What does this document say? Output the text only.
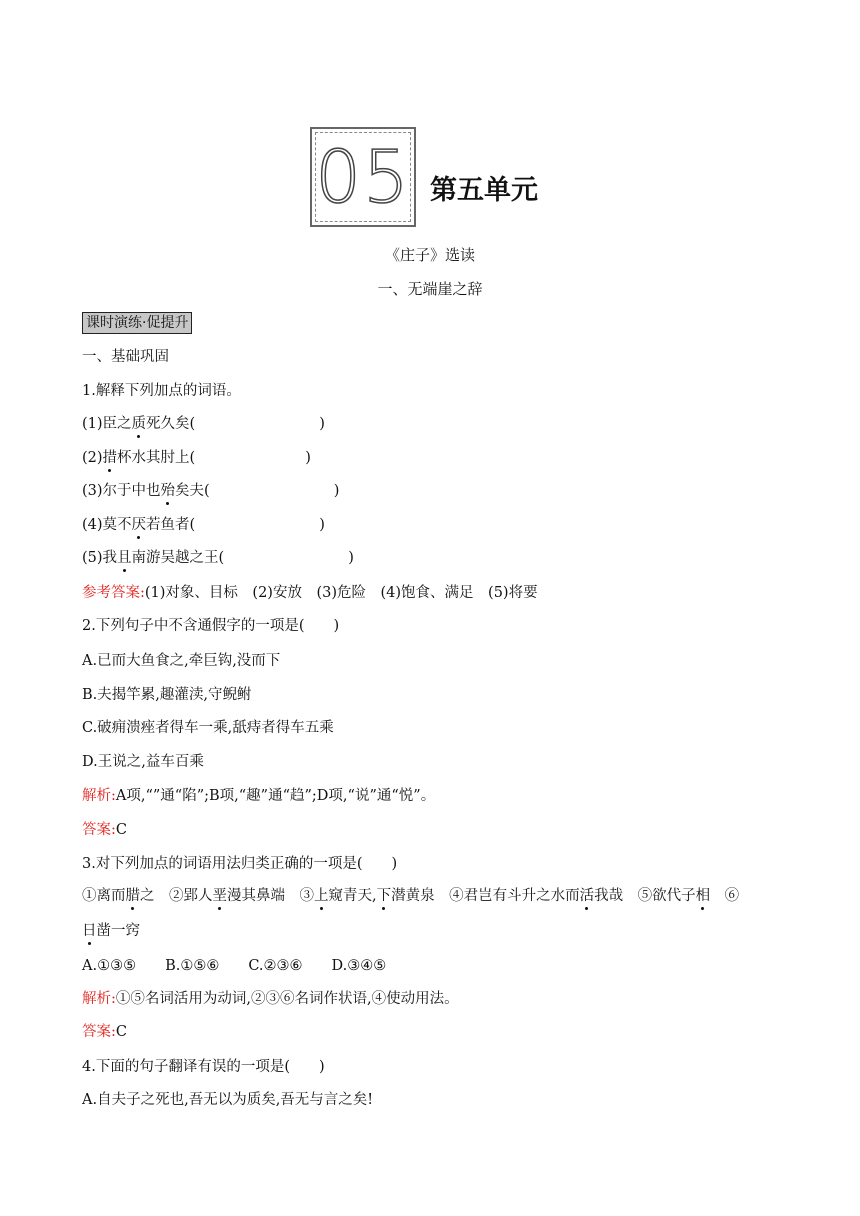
05 第五单元
《庄子》选读
一、无端崖之辞
课时演练·促提升
一、基础巩固
1.解释下列加点的词语。
(1)臣之质死久矣(	)
(2)措杯水其肘上(	)
(3)尔于中也殆矣夫(	)
(4)莫不厌若鱼者(	)
(5)我且南游吴越之王(	)
参考答案:(1)对象、目标　(2)安放　(3)危险　(4)饱食、满足　(5)将要
2.下列句子中不含通假字的一项是(　　)
A.已而大鱼食之,牵巨钩,没而下
B.夫揭竿累,趣灌渎,守鲵鲋
C.破痈溃痤者得车一乘,舐痔者得车五乘
D.王说之,益车百乘
解析:A项,“”通“陷”;B项,“趣”通“趋”;D项,“说”通“悦”。
答案:C
3.对下列加点的词语用法归类正确的一项是(　　)
①离而腊之　②郢人垩漫其鼻端　③上窥青天,下潜黄泉　④君岂有斗升之水而活我哉　⑤欲代子相　⑥
日凿一窍
A.①③⑤　　B.①⑤⑥　　C.②③⑥　　D.③④⑤
解析:①⑤名词活用为动词,②③⑥名词作状语,④使动用法。
答案:C
4.下面的句子翻译有误的一项是(　　)
A.自夫子之死也,吾无以为质矣,吾无与言之矣!
